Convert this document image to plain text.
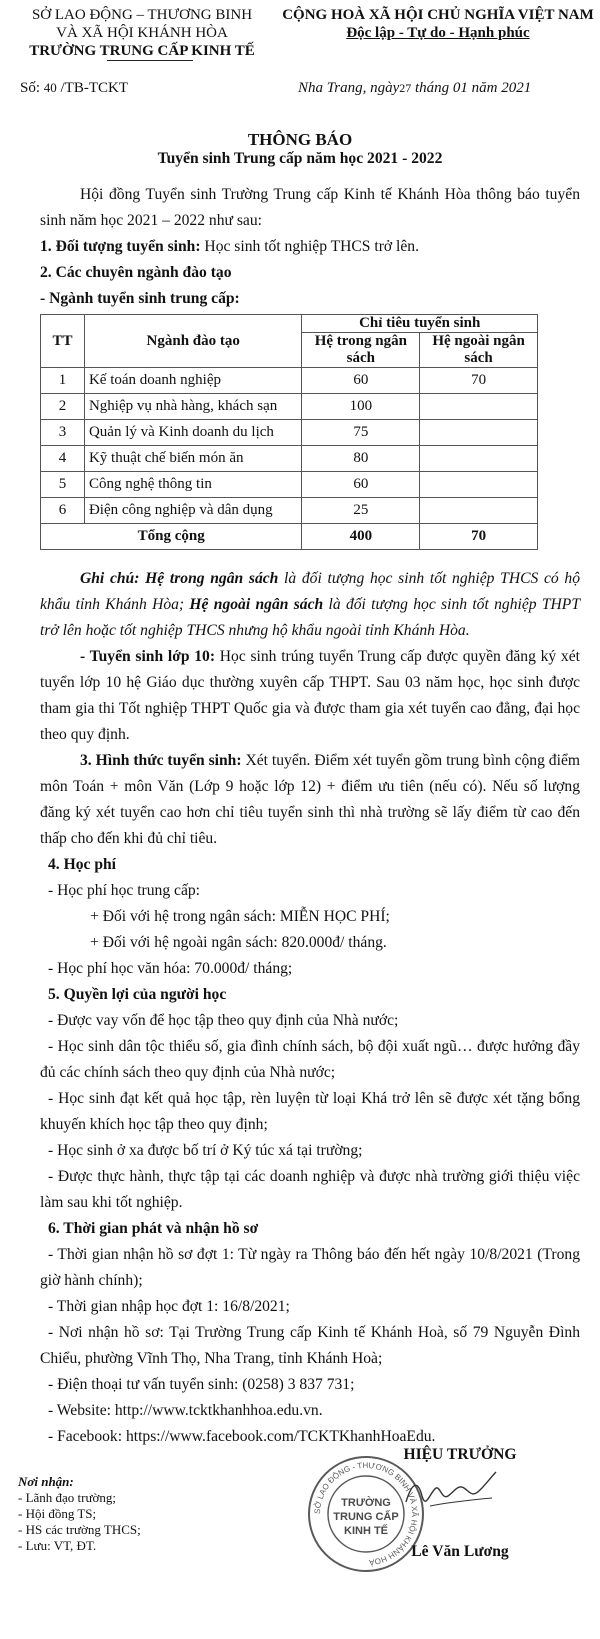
SỞ LAO ĐỘNG – THƯƠNG BINH
VÀ XÃ HỘI KHÁNH HÒA
TRƯỜNG TRUNG CẤP KINH TẾ
CỘNG HOÀ XÃ HỘI CHỦ NGHĨA VIỆT NAM
Độc lập - Tự do - Hạnh phúc
Số: 40 /TB-TCKT	Nha Trang, ngày27 tháng 01 năm 2021
THÔNG BÁO
Tuyển sinh Trung cấp năm học 2021 - 2022
Hội đồng Tuyển sinh Trường Trung cấp Kinh tế Khánh Hòa thông báo tuyển sinh năm học 2021 – 2022 như sau:
1. Đối tượng tuyển sinh: Học sinh tốt nghiệp THCS trở lên.
2. Các chuyên ngành đào tạo
- Ngành tuyển sinh trung cấp:
TT	Ngành đào tạo	Chỉ tiêu tuyển sinh	
		Hệ trong ngân sách	Hệ ngoài ngân sách
1	Kế toán doanh nghiệp	60	70
2	Nghiệp vụ nhà hàng, khách sạn	100	
3	Quản lý và Kinh doanh du lịch	75	
4	Kỹ thuật chế biến món ăn	80	
5	Công nghệ thông tin	60	
6	Điện công nghiệp và dân dụng	25	
Tổng cộng		400	70
Ghi chú: Hệ trong ngân sách là đối tượng học sinh tốt nghiệp THCS có hộ khẩu tỉnh Khánh Hòa; Hệ ngoài ngân sách là đối tượng học sinh tốt nghiệp THPT trở lên hoặc tốt nghiệp THCS nhưng hộ khẩu ngoài tỉnh Khánh Hòa.
- Tuyển sinh lớp 10: Học sinh trúng tuyển Trung cấp được quyền đăng ký xét tuyển lớp 10 hệ Giáo dục thường xuyên cấp THPT. Sau 03 năm học, học sinh được tham gia thi Tốt nghiệp THPT Quốc gia và được tham gia xét tuyển cao đẳng, đại học theo quy định.
3. Hình thức tuyển sinh: Xét tuyển. Điểm xét tuyển gồm trung bình cộng điểm môn Toán + môn Văn (Lớp 9 hoặc lớp 12) + điểm ưu tiên (nếu có). Nếu số lượng đăng ký xét tuyển cao hơn chỉ tiêu tuyển sinh thì nhà trường sẽ lấy điểm từ cao đến thấp cho đến khi đủ chỉ tiêu.
4. Học phí
- Học phí học trung cấp:
+ Đối với hệ trong ngân sách: MIỄN HỌC PHÍ;
+ Đối với hệ ngoài ngân sách: 820.000đ/ tháng.
- Học phí học văn hóa: 70.000đ/ tháng;
5. Quyền lợi của người học
- Được vay vốn để học tập theo quy định của Nhà nước;
- Học sinh dân tộc thiểu số, gia đình chính sách, bộ đội xuất ngũ… được hưởng đầy đủ các chính sách theo quy định của Nhà nước;
- Học sinh đạt kết quả học tập, rèn luyện từ loại Khá trở lên sẽ được xét tặng bổng khuyến khích học tập theo quy định;
- Học sinh ở xa được bố trí ở Ký túc xá tại trường;
- Được thực hành, thực tập tại các doanh nghiệp và được nhà trường giới thiệu việc làm sau khi tốt nghiệp.
6. Thời gian phát và nhận hồ sơ
- Thời gian nhận hồ sơ đợt 1: Từ ngày ra Thông báo đến hết ngày 10/8/2021 (Trong giờ hành chính);
- Thời gian nhập học đợt 1: 16/8/2021;
- Nơi nhận hồ sơ: Tại Trường Trung cấp Kinh tế Khánh Hoà, số 79 Nguyễn Đình Chiểu, phường Vĩnh Thọ, Nha Trang, tỉnh Khánh Hoà;
- Điện thoại tư vấn tuyển sinh: (0258) 3 837 731;
- Website: http://www.tcktkhanhhoa.edu.vn.
- Facebook: https://www.facebook.com/TCKTKhanhHoaEdu.
Nơi nhận:
- Lãnh đạo trường;
- Hội đồng TS;
- HS các trường THCS;
- Lưu: VT, ĐT.
HIỆU TRƯỞNG
SỞ LAO ĐỘNG - THƯƠNG BINH VÀ XÃ HỘI KHÁNH HOÀ
TRƯỜNG
TRUNG CẤP
KINH TẾ
Lê Văn Lương
